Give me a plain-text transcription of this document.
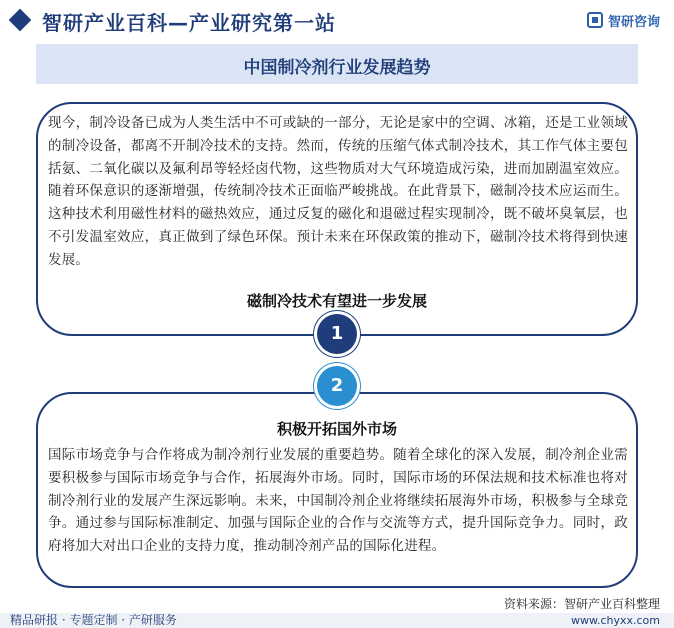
智研产业百科—产业研究第一站	智研咨询
中国制冷剂行业发展趋势

现今，制冷设备已成为人类生活中不可或缺的一部分，无论是家中的空调、冰箱，还是工业领域的制冷设备，都离不开制冷技术的支持。然而，传统的压缩气体式制冷技术，其工作气体主要包括氨、二氧化碳以及氟利昂等轻烃卤代物，这些物质对大气环境造成污染，进而加剧温室效应。随着环保意识的逐渐增强，传统制冷技术正面临严峻挑战。在此背景下，磁制冷技术应运而生。这种技术利用磁性材料的磁热效应，通过反复的磁化和退磁过程实现制冷，既不破坏臭氧层，也不引发温室效应，真正做到了绿色环保。预计未来在环保政策的推动下，磁制冷技术将得到快速发展。

磁制冷技术有望进一步发展
1
积极开拓国外市场

国际市场竞争与合作将成为制冷剂行业发展的重要趋势。随着全球化的深入发展，制冷剂企业需要积极参与国际市场竞争与合作，拓展海外市场。同时，国际市场的环保法规和技术标准也将对制冷剂行业的发展产生深远影响。未来，中国制冷剂企业将继续拓展海外市场，积极参与全球竞争。通过参与国际标准制定、加强与国际企业的合作与交流等方式，提升国际竞争力。同时，政府将加大对出口企业的支持力度，推动制冷剂产品的国际化进程。

2
资料来源：智研产业百科整理
精品研报 · 专题定制 · 产研服务	www.chyxx.com
